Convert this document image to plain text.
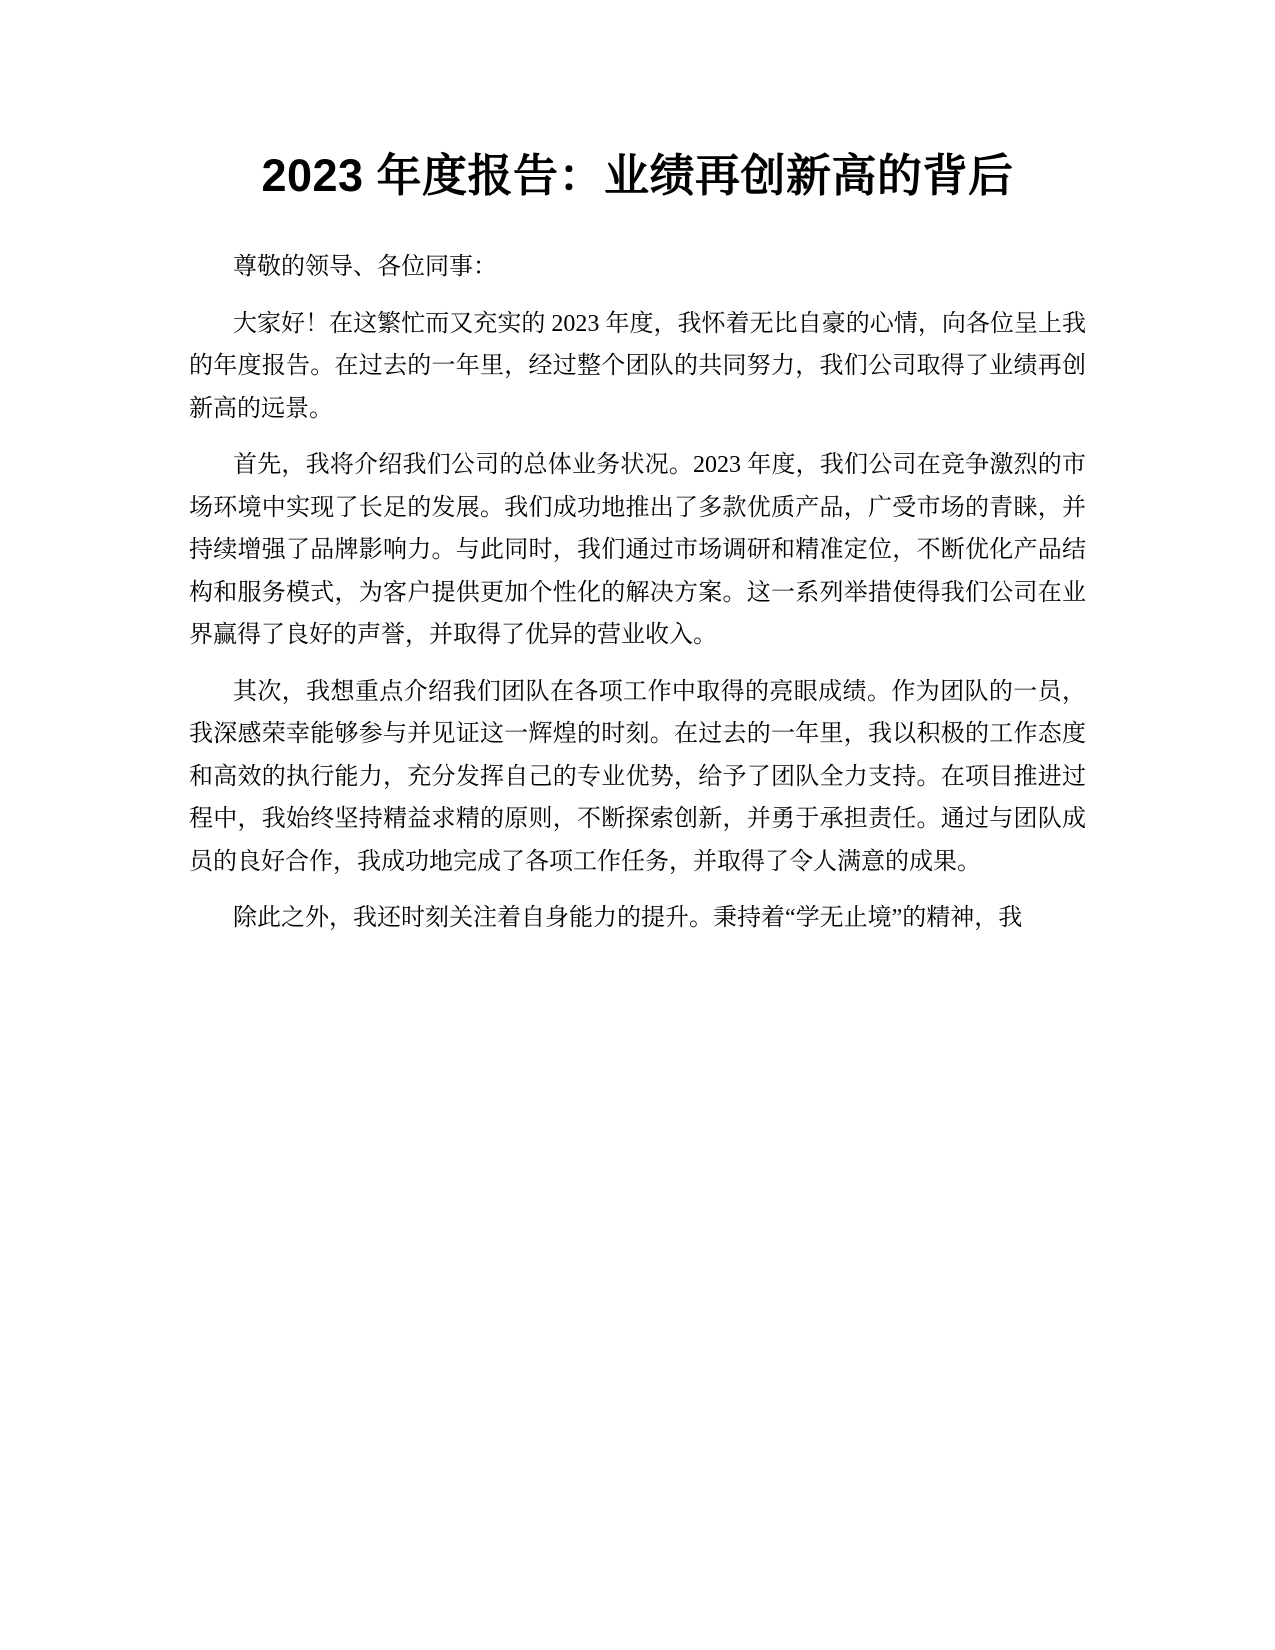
2023 年度报告：业绩再创新高的背后

尊敬的领导、各位同事：

大家好！在这繁忙而又充实的 2023 年度，我怀着无比自豪的心情，向各位呈上我的年度报告。在过去的一年里，经过整个团队的共同努力，我们公司取得了业绩再创新高的远景。

首先，我将介绍我们公司的总体业务状况。2023 年度，我们公司在竞争激烈的市场环境中实现了长足的发展。我们成功地推出了多款优质产品，广受市场的青睐，并持续增强了品牌影响力。与此同时，我们通过市场调研和精准定位，不断优化产品结构和服务模式，为客户提供更加个性化的解决方案。这一系列举措使得我们公司在业界赢得了良好的声誉，并取得了优异的营业收入。

其次，我想重点介绍我们团队在各项工作中取得的亮眼成绩。作为团队的一员，我深感荣幸能够参与并见证这一辉煌的时刻。在过去的一年里，我以积极的工作态度和高效的执行能力，充分发挥自己的专业优势，给予了团队全力支持。在项目推进过程中，我始终坚持精益求精的原则，不断探索创新，并勇于承担责任。通过与团队成员的良好合作，我成功地完成了各项工作任务，并取得了令人满意的成果。

除此之外，我还时刻关注着自身能力的提升。秉持着“学无止境”的精神，我
